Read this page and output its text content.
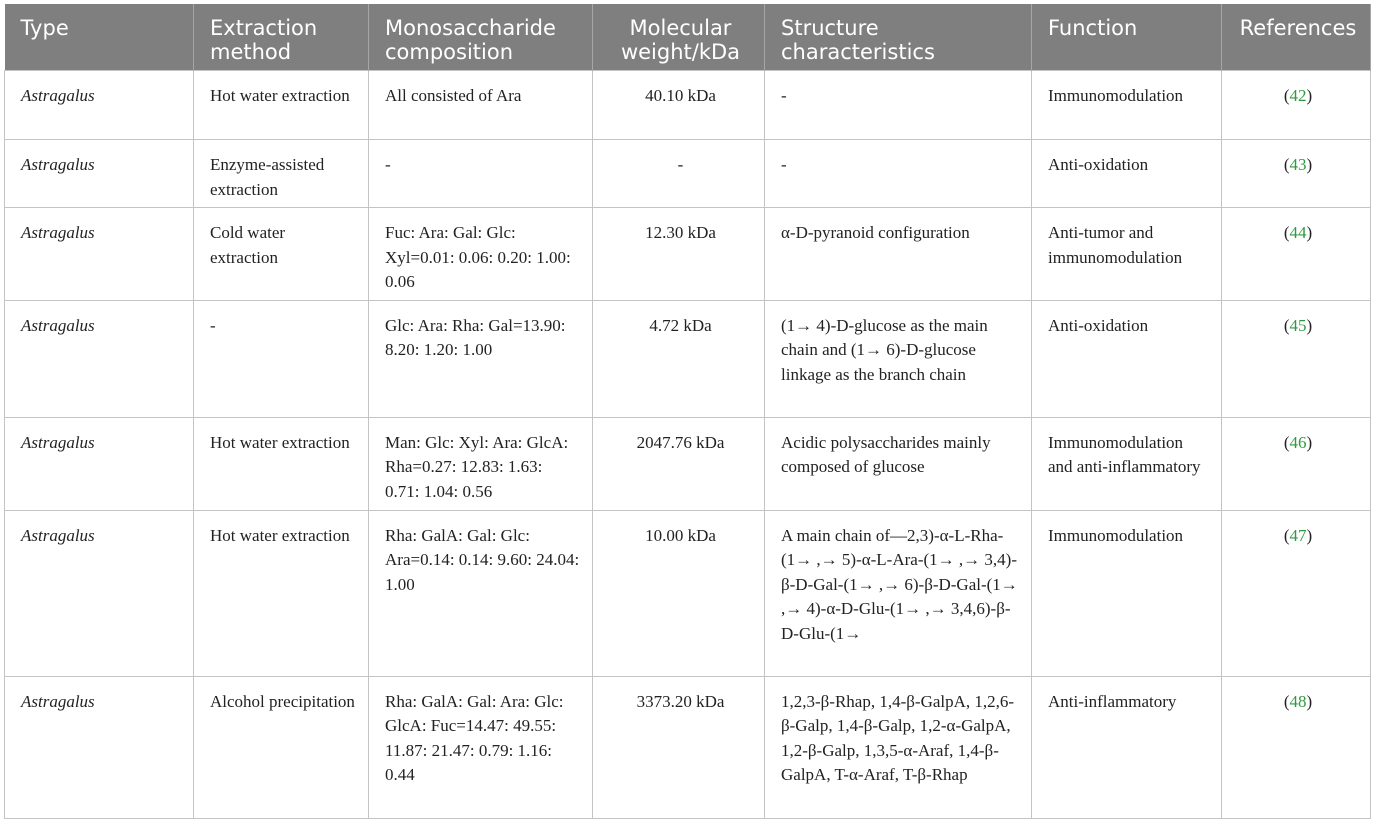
Type	Extraction method	Monosaccharide composition	Molecular weight/kDa	Structure characteristics	Function	References
Astragalus	Hot water extraction	All consisted of Ara	40.10 kDa	-	Immunomodulation	(42)
Astragalus	Enzyme-assisted extraction	-	-	-	Anti-oxidation	(43)
Astragalus	Cold water extraction	Fuc: Ara: Gal: Glc: Xyl=0.01: 0.06: 0.20: 1.00: 0.06	12.30 kDa	α-D-pyranoid configuration	Anti-tumor and immunomodulation	(44)
Astragalus	-	Glc: Ara: Rha: Gal=13.90: 8.20: 1.20: 1.00	4.72 kDa	(1→ 4)-D-glucose as the main chain and (1→ 6)-D-glucose linkage as the branch chain	Anti-oxidation	(45)
Astragalus	Hot water extraction	Man: Glc: Xyl: Ara: GlcA: Rha=0.27: 12.83: 1.63: 0.71: 1.04: 0.56	2047.76 kDa	Acidic polysaccharides mainly composed of glucose	Immunomodulation and anti-inflammatory	(46)
Astragalus	Hot water extraction	Rha: GalA: Gal: Glc: Ara=0.14: 0.14: 9.60: 24.04: 1.00	10.00 kDa	A main chain of—2,3)-α-L-Rha-(1→ ,→ 5)-α-L-Ara-(1→ ,→ 3,4)-β-D-Gal-(1→ ,→ 6)-β-D-Gal-(1→ ,→ 4)-α-D-Glu-(1→ ,→ 3,4,6)-β-D-Glu-(1→	Immunomodulation	(47)
Astragalus	Alcohol precipitation	Rha: GalA: Gal: Ara: Glc: GlcA: Fuc=14.47: 49.55: 11.87: 21.47: 0.79: 1.16: 0.44	3373.20 kDa	1,2,3-β-Rhap, 1,4-β-GalpA, 1,2,6-β-Galp, 1,4-β-Galp, 1,2-α-GalpA, 1,2-β-Galp, 1,3,5-α-Araf, 1,4-β-GalpA, T-α-Araf, T-β-Rhap	Anti-inflammatory	(48)
